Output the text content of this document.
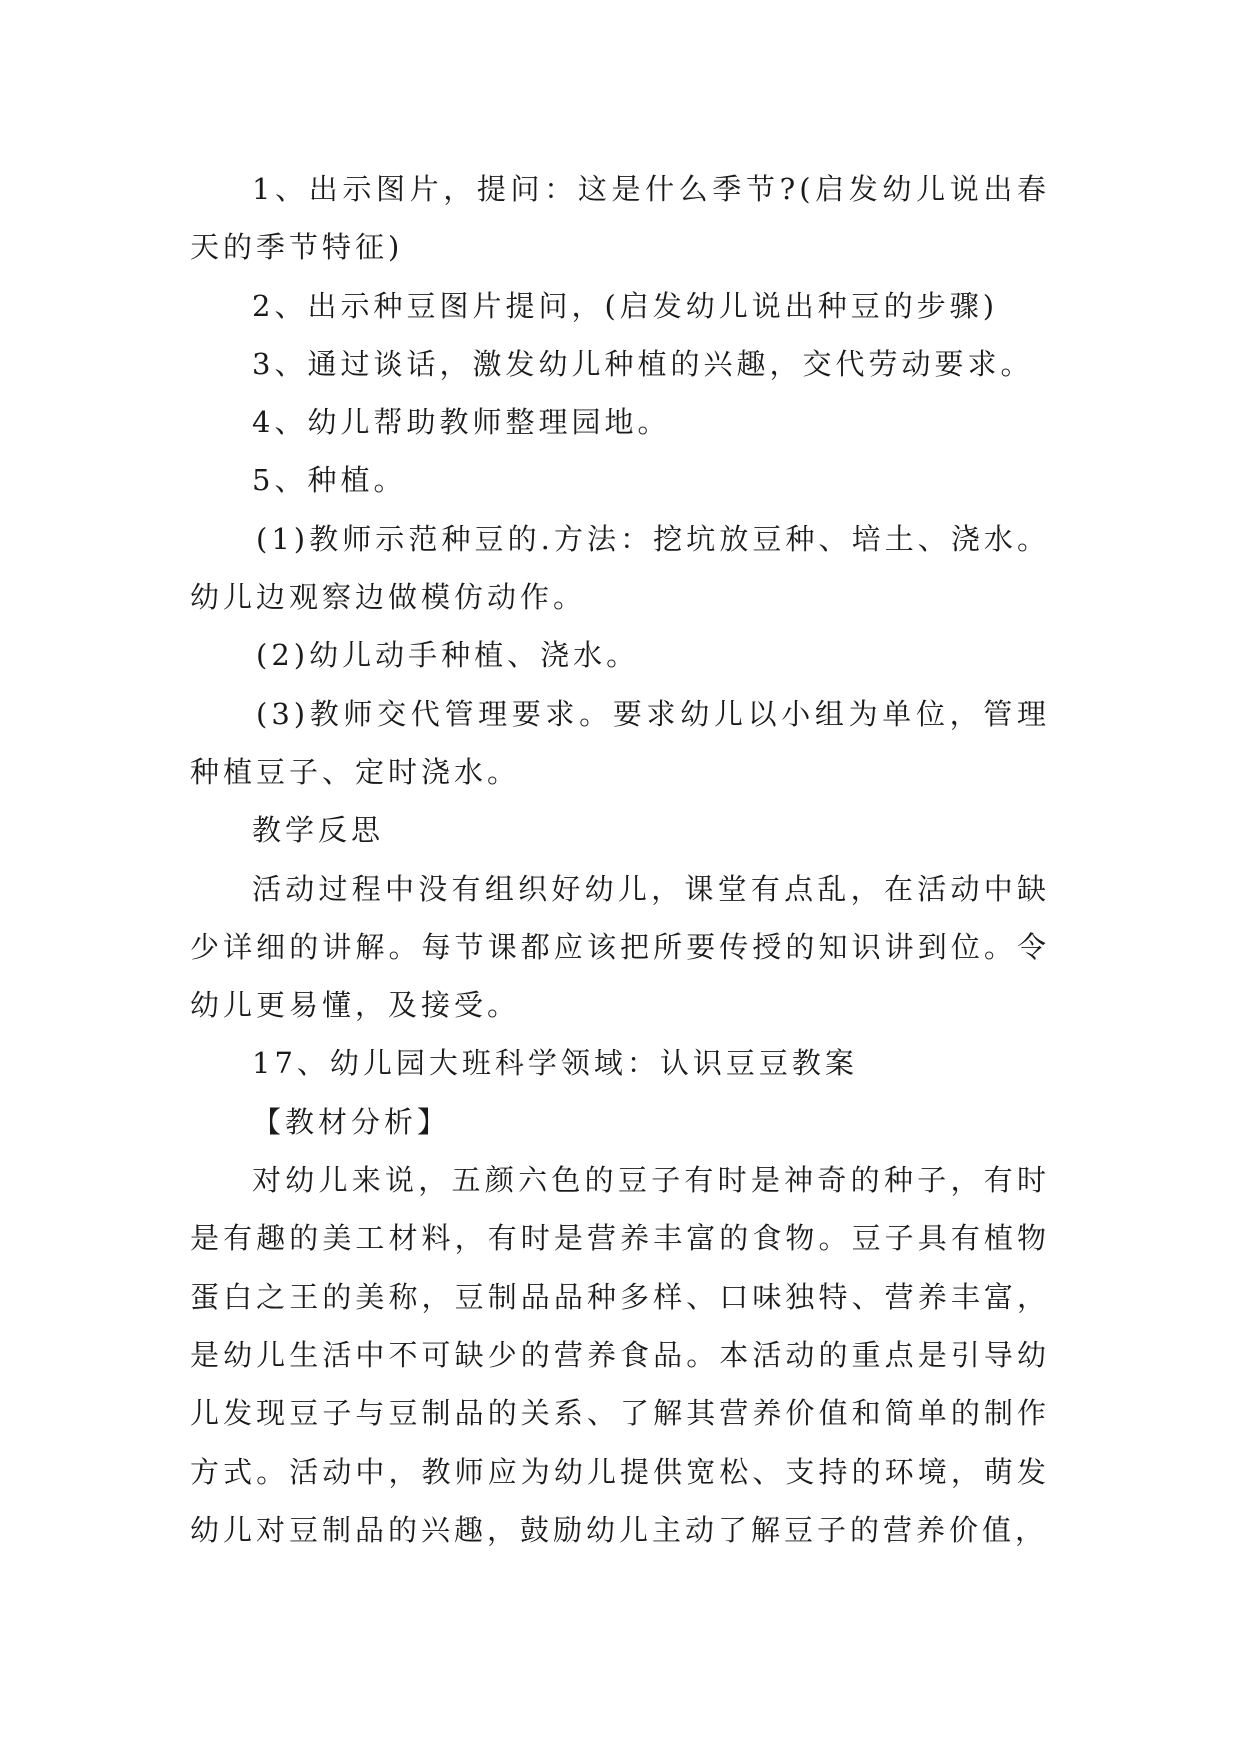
1、出示图片，提问：这是什么季节?(启发幼儿说出春天的季节特征)

2、出示种豆图片提问，(启发幼儿说出种豆的步骤)

3、通过谈话，激发幼儿种植的兴趣，交代劳动要求。

4、幼儿帮助教师整理园地。

5、种植。

(1)教师示范种豆的.方法：挖坑放豆种、培土、浇水。幼儿边观察边做模仿动作。

(2)幼儿动手种植、浇水。

(3)教师交代管理要求。要求幼儿以小组为单位，管理种植豆子、定时浇水。

教学反思

活动过程中没有组织好幼儿，课堂有点乱，在活动中缺少详细的讲解。每节课都应该把所要传授的知识讲到位。令幼儿更易懂，及接受。

17、幼儿园大班科学领域：认识豆豆教案

【教材分析】

对幼儿来说，五颜六色的豆子有时是神奇的种子，有时是有趣的美工材料，有时是营养丰富的食物。豆子具有植物蛋白之王的美称，豆制品品种多样、口味独特、营养丰富，是幼儿生活中不可缺少的营养食品。本活动的重点是引导幼儿发现豆子与豆制品的关系、了解其营养价值和简单的制作方式。活动中，教师应为幼儿提供宽松、支持的环境，萌发幼儿对豆制品的兴趣，鼓励幼儿主动了解豆子的营养价值，
